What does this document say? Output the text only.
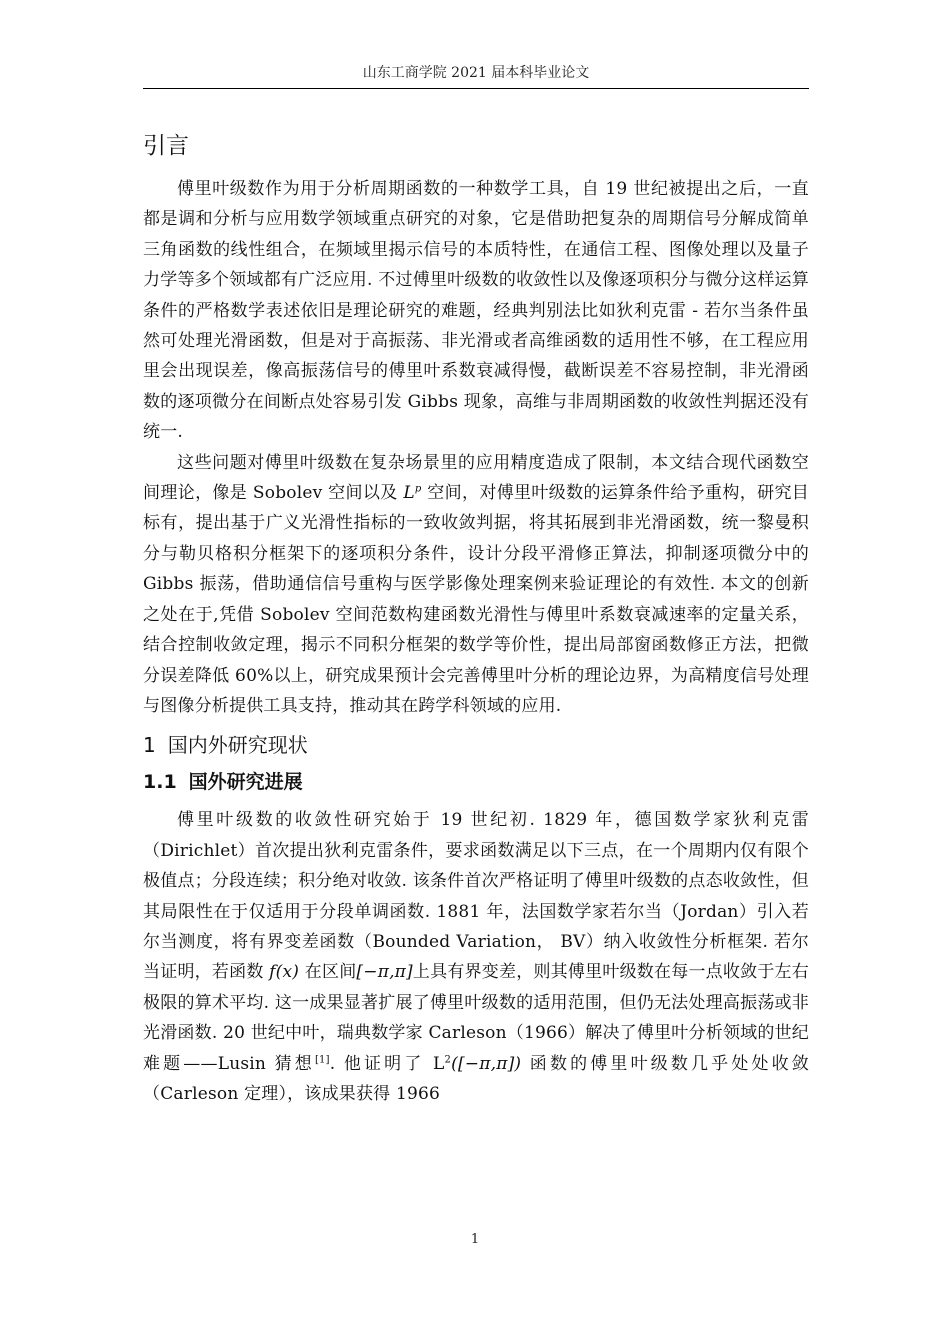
山东工商学院 2021 届本科毕业论文
引言

傅里叶级数作为用于分析周期函数的一种数学工具，自 19 世纪被提出之后，一直都是调和分析与应用数学领域重点研究的对象，它是借助把复杂的周期信号分解成简单三角函数的线性组合，在频域里揭示信号的本质特性，在通信工程、图像处理以及量子力学等多个领域都有广泛应用. 不过傅里叶级数的收敛性以及像逐项积分与微分这样运算条件的严格数学表述依旧是理论研究的难题，经典判别法比如狄利克雷 - 若尔当条件虽然可处理光滑函数，但是对于高振荡、非光滑或者高维函数的适用性不够，在工程应用里会出现误差，像高振荡信号的傅里叶系数衰减得慢，截断误差不容易控制，非光滑函数的逐项微分在间断点处容易引发 Gibbs 现象，高维与非周期函数的收敛性判据还没有统一.

这些问题对傅里叶级数在复杂场景里的应用精度造成了限制，本文结合现代函数空间理论，像是 Sobolev 空间以及 $L^p$ 空间，对傅里叶级数的运算条件给予重构，研究目标有，提出基于广义光滑性指标的一致收敛判据，将其拓展到非光滑函数，统一黎曼积分与勒贝格积分框架下的逐项积分条件，设计分段平滑修正算法，抑制逐项微分中的 Gibbs 振荡，借助通信信号重构与医学影像处理案例来验证理论的有效性. 本文的创新之处在于,凭借 Sobolev 空间范数构建函数光滑性与傅里叶系数衰减速率的定量关系，结合控制收敛定理，揭示不同积分框架的数学等价性，提出局部窗函数修正方法，把微分误差降低 60%以上，研究成果预计会完善傅里叶分析的理论边界，为高精度信号处理与图像分析提供工具支持，推动其在跨学科领域的应用.

1 国内外研究现状
1.1 国外研究进展

傅里叶级数的收敛性研究始于 19 世纪初. 1829 年，德国数学家狄利克雷（Dirichlet）首次提出狄利克雷条件，要求函数满足以下三点，在一个周期内仅有限个极值点；分段连续；积分绝对收敛. 该条件首次严格证明了傅里叶级数的点态收敛性，但其局限性在于仅适用于分段单调函数. 1881 年，法国数学家若尔当（Jordan）引入若尔当测度，将有界变差函数（Bounded Variation， BV）纳入收敛性分析框架. 若尔当证明，若函数 f(x) 在区间[−π,π]上具有界变差，则其傅里叶级数在每一点收敛于左右极限的算术平均. 这一成果显著扩展了傅里叶级数的适用范围，但仍无法处理高振荡或非光滑函数. 20 世纪中叶，瑞典数学家 Carleson（1966）解决了傅里叶分析领域的世纪难题——Lusin 猜想[1]. 他证明了 $L^2([-\pi,\pi])$ 函数的傅里叶级数几乎处处收敛（Carleson 定理），该成果获得 1966

1
